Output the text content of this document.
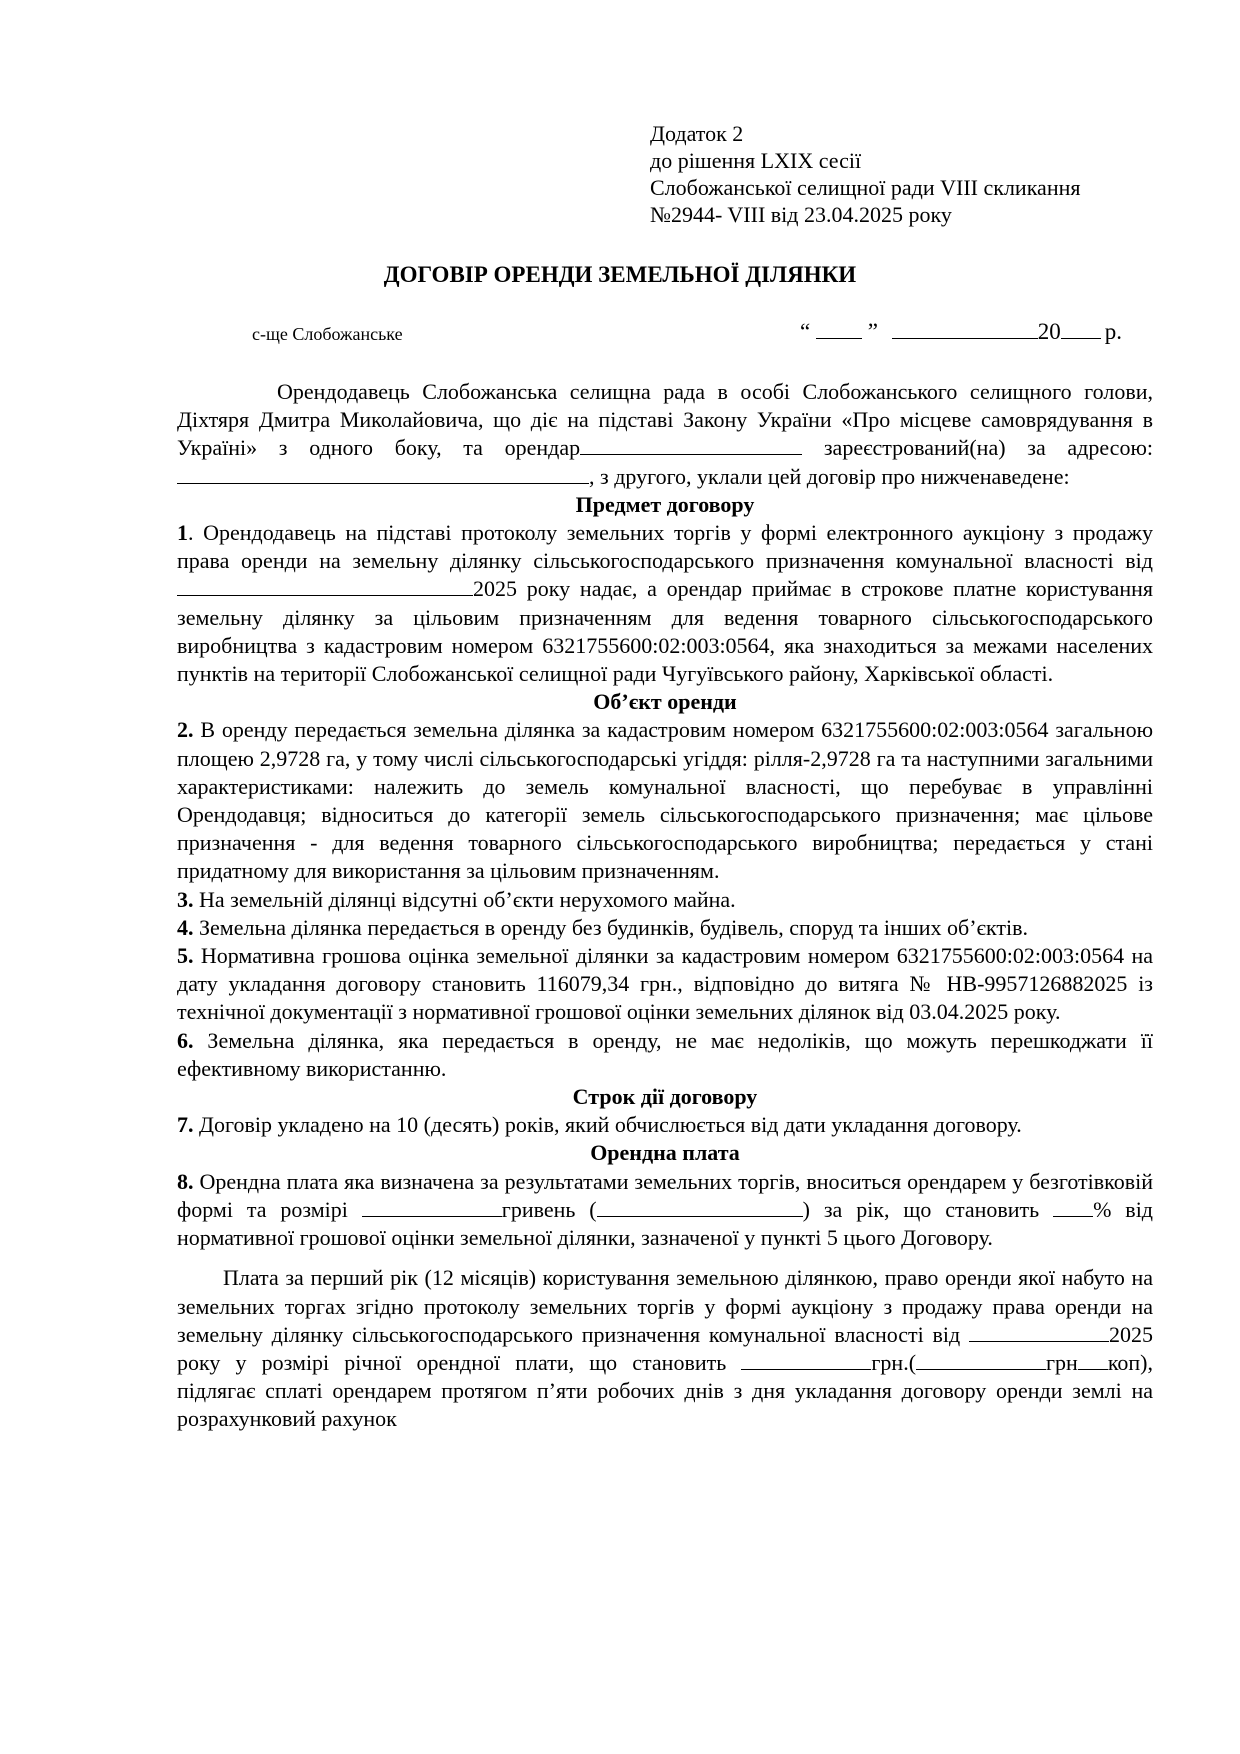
Додаток 2
до рішення LXIX сесії
Слобожанської селищної ради VIII скликання
№2944- VIII від 23.04.2025 року
ДОГОВІР ОРЕНДИ ЗЕМЕЛЬНОЇ ДІЛЯНКИ
с-ще Слобожанське	“	”	20 р.

Орендодавець Слобожанська селищна рада в особі Слобожанського селищного голови, Діхтяря Дмитра Миколайовича, що діє на підставі Закону України «Про місцеве самоврядування в Україні» з одного боку, та орендар	зареєстрований(на) за адресою:, з другого, уклали цей договір про нижченаведене:

Предмет договору

1. Орендодавець на підставі протоколу земельних торгів у формі електронного аукціону з продажу права оренди на земельну ділянку сільськогосподарського призначення комунальної власності від2025 року надає, а орендар приймає в строкове платне користування земельну ділянку за цільовим призначенням для ведення товарного сільськогосподарського виробництва з кадастровим номером 6321755600:02:003:0564, яка знаходиться за межами населених пунктів на території Слобожанської селищної ради Чугуївського району, Харківської області.

Об’єкт оренди

2. В оренду передається земельна ділянка за кадастровим номером 6321755600:02:003:0564 загальною площею 2,9728 га, у тому числі сільськогосподарські угіддя: рілля-2,9728 га та наступними загальними характеристиками: належить до земель комунальної власності, що перебуває в управлінні Орендодавця; відноситься до категорії земель сільськогосподарського призначення; має цільове призначення - для ведення товарного сільськогосподарського виробництва; передається у стані придатному для використання за цільовим призначенням.

3. На земельній ділянці відсутні об’єкти нерухомого майна.

4. Земельна ділянка передається в оренду без будинків, будівель, споруд та інших об’єктів.

5. Нормативна грошова оцінка земельної ділянки за кадастровим номером 6321755600:02:003:0564 на дату укладання договору становить 116079,34 грн., відповідно до витяга № НВ-9957126882025 із технічної документації з нормативної грошової оцінки земельних ділянок від 03.04.2025 року.

6. Земельна ділянка, яка передається в оренду, не має недоліків, що можуть перешкоджати її ефективному використанню.

Строк дії договору

7. Договір укладено на 10 (десять) років, який обчислюється від дати укладання договору.

Орендна плата

8. Орендна плата яка визначена за результатами земельних торгів, вноситься орендарем у безготівковій формі та розмірі	гривень (	) за рік, що становить % від нормативної грошової оцінки земельної ділянки, зазначеної у пункті 5 цього Договору.

Плата за перший рік (12 місяців) користування земельною ділянкою, право оренди якої набуто на земельних торгах згідно протоколу земельних торгів у формі аукціону з продажу права оренди на земельну ділянку сільськогосподарського призначення комунальної власності від	2025 року у розмірі річної орендної плати, що становить	грн.(	грн коп), підлягає сплаті орендарем протягом п’яти робочих днів з дня укладання договору оренди землі на розрахунковий рахунок
